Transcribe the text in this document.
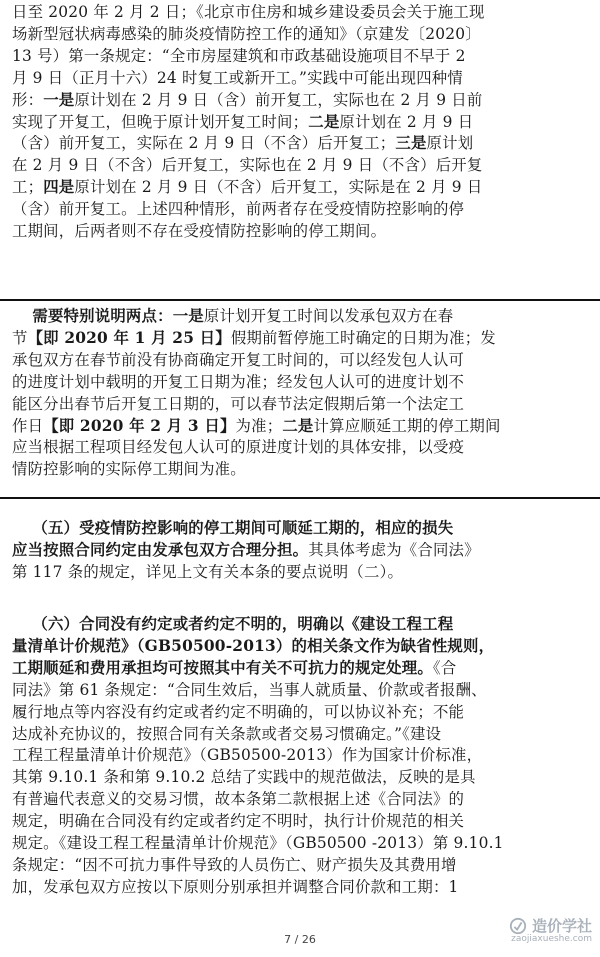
日至 2020 年 2 月 2 日；《北京市住房和城乡建设委员会关于施工现
场新型冠状病毒感染的肺炎疫情防控工作的通知》（京建发〔2020〕
13 号）第一条规定：“全市房屋建筑和市政基础设施项目不早于 2
月 9 日（正月十六）24 时复工或新开工。”实践中可能出现四种情
形：一是原计划在 2 月 9 日（含）前开复工，实际也在 2 月 9 日前
实现了开复工，但晚于原计划开复工时间；二是原计划在 2 月 9 日
（含）前开复工，实际在 2 月 9 日（不含）后开复工；三是原计划
在 2 月 9 日（不含）后开复工，实际也在 2 月 9 日（不含）后开复
工；四是原计划在 2 月 9 日（不含）后开复工，实际是在 2 月 9 日
（含）前开复工。上述四种情形，前两者存在受疫情防控影响的停
工期间，后两者则不存在受疫情防控影响的停工期间。
需要特别说明两点：一是原计划开复工时间以发承包双方在春
节【即 2020 年 1 月 25 日】假期前暂停施工时确定的日期为准；发
承包双方在春节前没有协商确定开复工时间的，可以经发包人认可
的进度计划中载明的开复工日期为准；经发包人认可的进度计划不
能区分出春节后开复工日期的，可以春节法定假期后第一个法定工
作日【即 2020 年 2 月 3 日】为准；二是计算应顺延工期的停工期间
应当根据工程项目经发包人认可的原进度计划的具体安排，以受疫
情防控影响的实际停工期间为准。
（五）受疫情防控影响的停工期间可顺延工期的，相应的损失
应当按照合同约定由发承包双方合理分担。其具体考虑为《合同法》
第 117 条的规定，详见上文有关本条的要点说明（二）。
（六）合同没有约定或者约定不明的，明确以《建设工程工程
量清单计价规范》（GB50500-2013）的相关条文作为缺省性规则，
工期顺延和费用承担均可按照其中有关不可抗力的规定处理。《合
同法》第 61 条规定：“合同生效后，当事人就质量、价款或者报酬、
履行地点等内容没有约定或者约定不明确的，可以协议补充；不能
达成补充协议的，按照合同有关条款或者交易习惯确定。”《建设
工程工程量清单计价规范》（GB50500-2013）作为国家计价标准，
其第 9.10.1 条和第 9.10.2 总结了实践中的规范做法，反映的是具
有普遍代表意义的交易习惯，故本条第二款根据上述《合同法》的
规定，明确在合同没有约定或者约定不明时，执行计价规范的相关
规定。《建设工程工程量清单计价规范》（GB50500 -2013）第 9.10.1
条规定：“因不可抗力事件导致的人员伤亡、财产损失及其费用增
加，发承包双方应按以下原则分别承担并调整合同价款和工期：1
7 / 26
造价学社
zaojiaxueshe.com
